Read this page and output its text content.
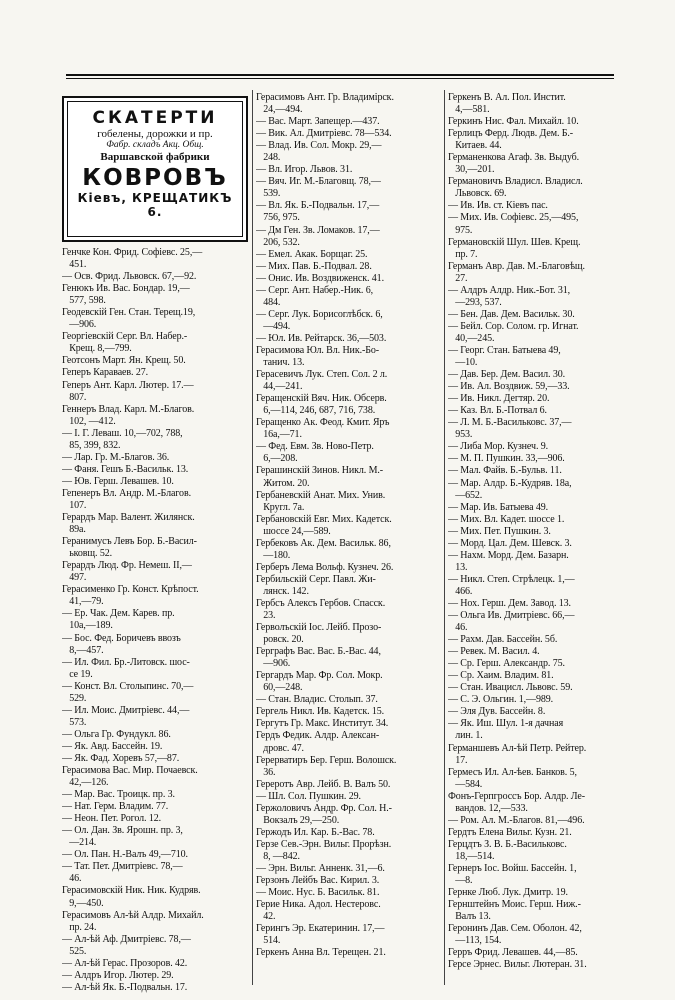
СКАТЕРТИ
гобелены, дорожки и пр.
Фабр. складъ Акц. Общ.
Варшавской фабрики
КОВРОВЪ
Кіевъ, КРЕЩАТИКЪ 6.
Генчке Кон. Фрид. Софіевс. 25,—
451.
— Осв. Фрид. Львовск. 67,—92.
Генюкъ Ив. Вас. Бондар. 19,—
577, 598.
Геодевскій Ген. Стан. Терещ.19,
—906.
Георгіевскій Серг. Вл. Набер.-
Крещ. 8,—799.
Геотсонъ Март. Ян. Крещ. 50.
Геперъ Караваев. 27.
Геперъ Ант. Карл. Лютер. 17.—
807.
Геннеръ Влад. Карл. М.-Благов.
102, —412.
— І. Г. Леваш. 10,—702, 788,
85, 399, 832.
— Лар. Гр. М.-Благов. 36.
— Фаня. Гешъ Б.-Васильк. 13.
— Юв. Герш. Левашев. 10.
Гепенеръ Вл. Андр. М.-Благов.
107.
Герардъ Мар. Валент. Жилянск.
89а.
Геранимусъ Левъ Бор. Б.-Васил-
ьковщ. 52.
Герардъ Люд. Фр. Немеш. II,—
497.
Герасименко Гр. Конст. Крѣпост.
41,—79.
— Ер. Чак. Дем. Карев. пр.
10а,—189.
— Бос. Фед. Боричевъ ввозъ
8,—457.
— Ил. Фил. Бр.-Литовск. шос-
се 19.
— Конст. Вл. Столыпинс. 70,—
529.
— Ил. Моис. Дмитріевс. 44,—
573.
— Ольга Гр. Фундукл. 86.
— Як. Авд. Бассейн. 19.
— Як. Фад. Хоревъ 57,—87.
Герасимова Вас. Мир. Почаевск.
42,—126.
— Мар. Вас. Троицк. пр. 3.
— Нат. Герм. Владим. 77.
— Неон. Пет. Рогол. 12.
— Ол. Дан. Зв. Ярошн. пр. 3,
—214.
— Ол. Пан. Н.-Валъ 49,—710.
— Тат. Пет. Дмитріевс. 78,—
46.
Герасимовскій Ник. Ник. Кудряв.
9,—450.
Герасимовъ Ал-ѣй Алдр. Михайл.
пр. 24.
— Ал-ѣй Аф. Дмитріевс. 78,—
525.
— Ал-ѣй Герас. Прозоров. 42.
— Алдръ Игор. Лютер. 29.
— Ал-ѣй Як. Б.-Подвальн. 17.
Герасимовъ Ант. Гр. Владимірск.
24,—494.
— Вас. Март. Запещер.—437.
— Вик. Ал. Дмитріевс. 78—534.
— Влад. Ив. Сол. Мокр. 29,—
248.
— Вл. Игор. Львов. 31.
— Вяч. Иг. М.-Благовщ. 78,—
539.
— Вл. Як. Б.-Подвальн. 17,—
756, 975.
— Дм Ген. Зв. Ломаков. 17,—
206, 532.
— Емел. Акак. Борщаг. 25.
— Мих. Пав. Б.-Подвал. 28.
— Онис. Ив. Воздвиженск. 41.
— Серг. Ант. Набер.-Ник. 6,
484.
— Серг. Лук. Борисоглѣбск. 6,
—494.
— Юл. Ив. Рейтарск. 36,—503.
Герасимова Юл. Вл. Ник.-Бо-
танич. 13.
Герасевичъ Лук. Степ. Сол. 2 л.
44,—241.
Геращенскій Вяч. Ник. Обсерв.
6,—114, 246, 687, 716, 738.
Геращенко Ак. Феод. Кмит. Яръ
16а,—71.
— Фед. Евм. Зв. Ново-Петр.
6,—208.
Герашинскій Зинов. Никл. М.-
Житом. 20.
Гербаневскій Анат. Мих. Унив.
Кругл. 7а.
Гербановскій Евг. Мих. Кадетск.
шоссе 24,—589.
Гербековъ Ак. Дем. Васильк. 86,
—180.
Герберъ Лема Вольф. Кузнеч. 26.
Гербильскій Серг. Павл. Жи-
лянск. 142.
Гербсъ Алексъ Гербов. Спасск.
23.
Герволъскій Іос. Лейб. Прозо-
ровск. 20.
Герграфъ Вас. Вас. Б.-Вас. 44,
—906.
Гергардъ Мар. Фр. Сол. Мокр.
60,—248.
— Стан. Владис. Столып. 37.
Гергель Никл. Ив. Кадетск. 15.
Гергутъ Гр. Макс. Институт. 34.
Гердъ Федик. Алдр. Алексан-
дровс. 47.
Герерватиръ Бер. Герш. Волошск.
36.
Гереротъ Авр. Лейб. В. Валъ 50.
— Шл. Сол. Пушкин. 29.
Гержоловичъ Андр. Фр. Сол. Н.-
Вокзалъ 29,—250.
Гержодъ Ил. Кар. Б.-Вас. 78.
Герзе Сев.-Эрн. Вильг. Прорѣзн.
8, —842.
— Эрн. Вильг. Анненк. 31,—6.
Герзонъ Лейбъ Вас. Кирил. 3.
— Моис. Нус. Б. Васильк. 81.
Герие Ника. Адол. Нестеровс.
42.
Герингъ Эр. Екатеринин. 17,—
514.
Геркенъ Анна Вл. Терещен. 21.
Геркенъ В. Ал. Пол. Инстит.
4,—581.
Геркинъ Нис. Фал. Михайл. 10.
Герлицъ Ферд. Людв. Дем. Б.-
Китаев. 44.
Германенкова Агаф. Зв. Выдуб.
30,—201.
Германовичъ Владисл. Владисл.
Львовск. 69.
— Ив. Ив. ст. Кіевъ пас.
— Мих. Ив. Софіевс. 25,—495,
975.
Германовскій Шул. Шев. Крещ.
пр. 7.
Германъ Авр. Дав. М.-Благовѣщ.
27.
— Алдръ Алдр. Ник.-Бот. 31,
—293, 537.
— Бен. Дав. Дем. Васильк. 30.
— Бейл. Сор. Солом. гр. Игнат.
40,—245.
— Георг. Стан. Батыева 49,
—10.
— Дав. Бер. Дем. Васил. 30.
— Ив. Ал. Воздвиж. 59,—33.
— Ив. Никл. Дегтяр. 20.
— Каз. Вл. Б.-Потвал 6.
— Л. М. Б.-Васильковс. 37,—
953.
— Либа Мор. Кузнеч. 9.
— М. П. Пушкин. 33,—906.
— Мал. Файв. Б.-Бульв. 11.
— Мар. Алдр. Б.-Кудряв. 18а,
—652.
— Мар. Ив. Батыева 49.
— Мих. Вл. Кадет. шоссе 1.
— Мих. Пет. Пушкин. 3.
— Морд. Цал. Дем. Шевск. 3.
— Нахм. Морд. Дем. Базарн.
13.
— Никл. Степ. Стрѣлецк. 1,—
466.
— Нох. Герш. Дем. Завод. 13.
— Ольга Ив. Дмитріевс. 66,—
46.
— Рахм. Дав. Бассейн. 5б.
— Ревек. М. Васил. 4.
— Ср. Герш. Александр. 75.
— Ср. Хаим. Владим. 81.
— Стан. Ивацисл. Львовс. 59.
— С. Э. Ольгин. 1,—989.
— Эля Дув. Бассейн. 8.
— Як. Иш. Шул. 1-я дачная
лин. 1.
Германшевъ Ал-ѣй Петр. Рейтер.
17.
Гермесъ Ил. Ал-ѣев. Банков. 5,
—584.
Фонъ-Герпгроссъ Бор. Алдр. Ле-
вандов. 12,—533.
— Ром. Ал. М.-Благов. 81,—496.
Гердтъ Елена Вильг. Кузн. 21.
Герцдтъ З. В. Б.-Васильковс.
18,—514.
Гернеръ Іос. Войш. Бассейн. 1,
—8.
Гернке Люб. Лук. Дмитр. 19.
Гернштейнъ Моис. Герш. Ниж.-
Валъ 13.
Геронинъ Дав. Сем. Оболон. 42,
—113, 154.
Герръ Фрид. Левашев. 44,—85.
Герсе Эрнес. Вильг. Лютеран. 31.
